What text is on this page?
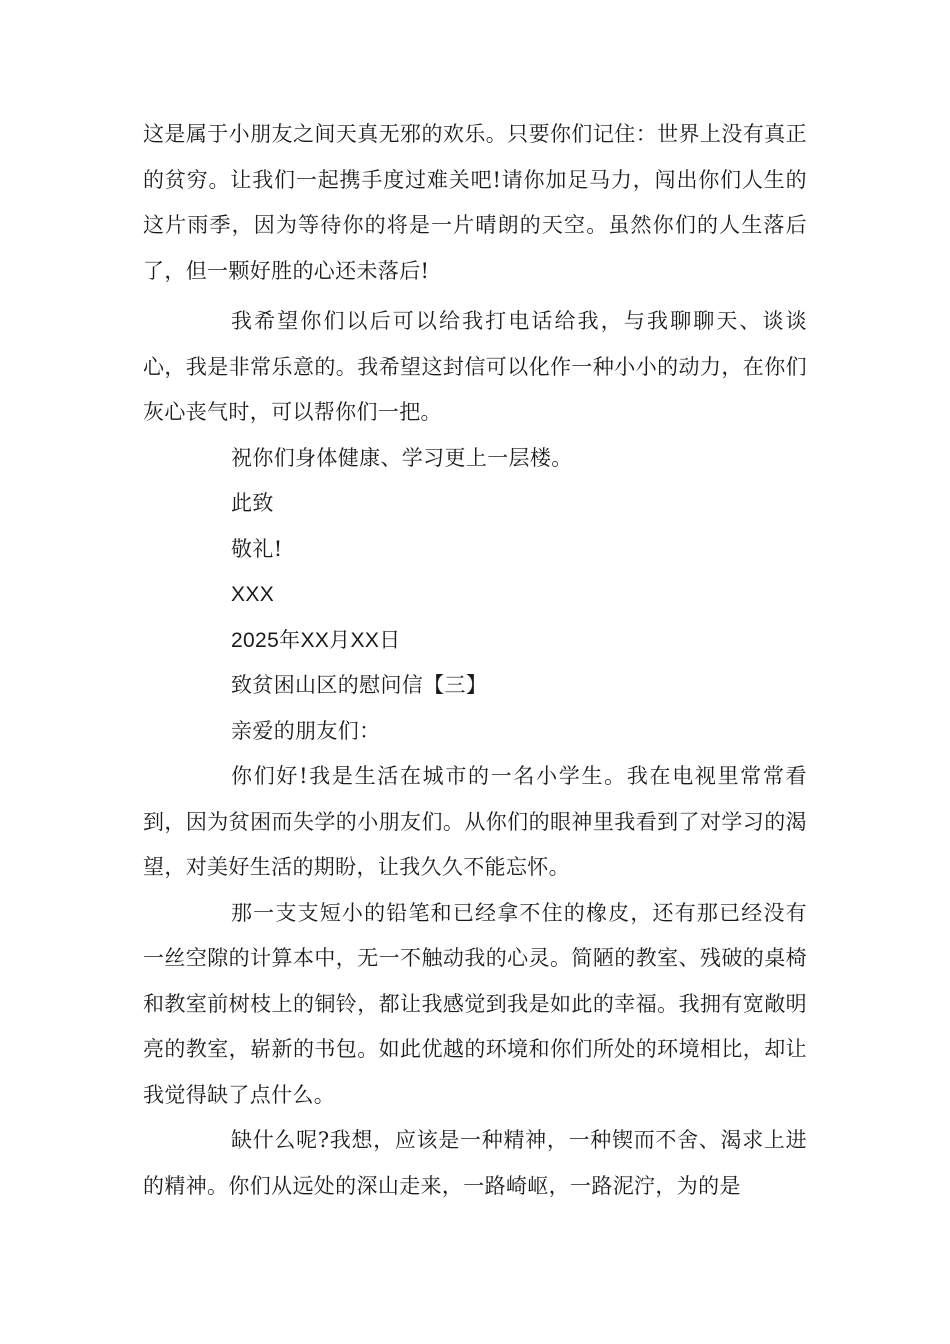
这是属于小朋友之间天真无邪的欢乐。只要你们记住：世界上没有真正的贫穷。让我们一起携手度过难关吧!请你加足马力，闯出你们人生的这片雨季，因为等待你的将是一片晴朗的天空。虽然你们的人生落后了，但一颗好胜的心还未落后!

我希望你们以后可以给我打电话给我，与我聊聊天、谈谈心，我是非常乐意的。我希望这封信可以化作一种小小的动力，在你们灰心丧气时，可以帮你们一把。

祝你们身体健康、学习更上一层楼。

此致

敬礼!

XXX

2025年XX月XX日

致贫困山区的慰问信【三】

亲爱的朋友们：

你们好!我是生活在城市的一名小学生。我在电视里常常看到，因为贫困而失学的小朋友们。从你们的眼神里我看到了对学习的渴望，对美好生活的期盼，让我久久不能忘怀。

那一支支短小的铅笔和已经拿不住的橡皮，还有那已经没有一丝空隙的计算本中，无一不触动我的心灵。简陋的教室、残破的桌椅和教室前树枝上的铜铃，都让我感觉到我是如此的幸福。我拥有宽敞明亮的教室，崭新的书包。如此优越的环境和你们所处的环境相比，却让我觉得缺了点什么。

缺什么呢?我想，应该是一种精神，一种锲而不舍、渴求上进的精神。你们从远处的深山走来，一路崎岖，一路泥泞，为的是
